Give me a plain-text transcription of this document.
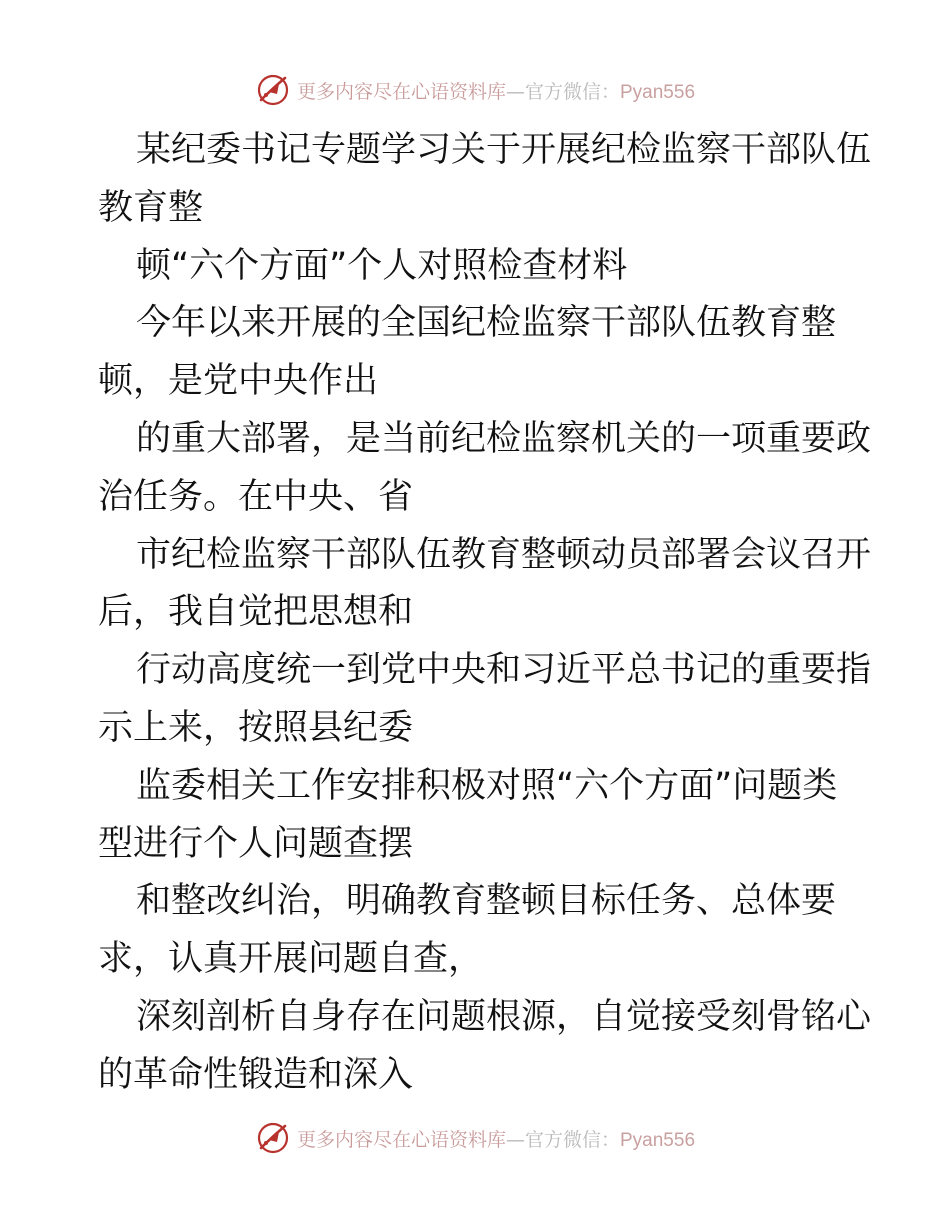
更多内容尽在心语资料库—官方微信：Pyan556
某纪委书记专题学习关于开展纪检监察干部队伍
教育整
顿“六个方面”个人对照检查材料
今年以来开展的全国纪检监察干部队伍教育整
顿，是党中央作出
的重大部署，是当前纪检监察机关的一项重要政
治任务。在中央、省
市纪检监察干部队伍教育整顿动员部署会议召开
后，我自觉把思想和
行动高度统一到党中央和习近平总书记的重要指
示上来，按照县纪委
监委相关工作安排积极对照“六个方面”问题类
型进行个人问题查摆
和整改纠治，明确教育整顿目标任务、总体要
求，认真开展问题自查，
深刻剖析自身存在问题根源，自觉接受刻骨铭心
的革命性锻造和深入
更多内容尽在心语资料库—官方微信：Pyan556
